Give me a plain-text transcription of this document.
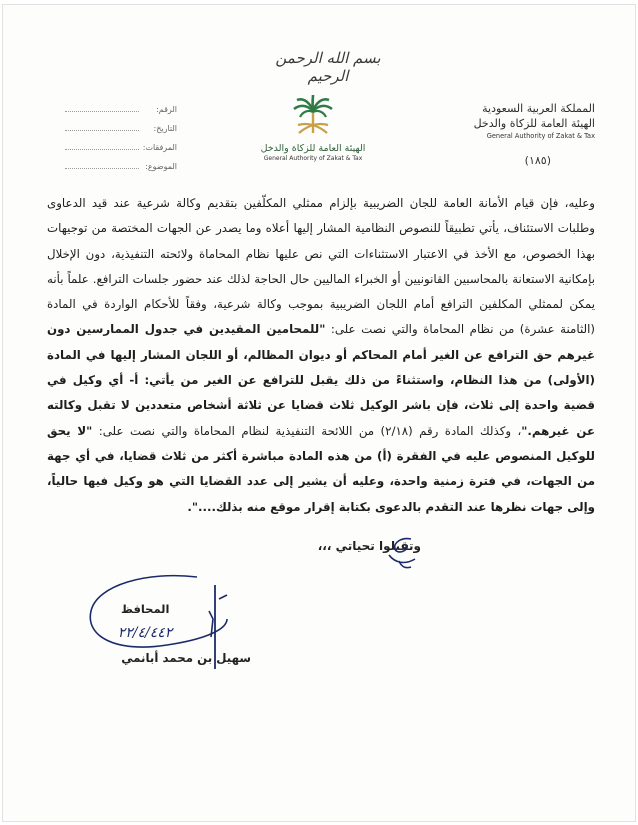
بسم الله الرحمن الرحيم
المملكة العربية السعودية
الهيئة العامة للزكاة والدخل
General Authority of Zakat & Tax
(١٨٥)
الهيئة العامة للزكاة والدخل
General Authority of Zakat & Tax
الرقم:
التاريخ:
المرفقات:
الموضوع:

وعليه، فإن قيام الأمانة العامة للجان الضريبية بإلزام ممثلي المكلّفين بتقديم وكالة شرعية عند قيد الدعاوى وطلبات الاستئناف، يأتي تطبيقاً للنصوص النظامية المشار إليها أعلاه وما يصدر عن الجهات المختصة من توجيهات بهذا الخصوص، مع الأخذ في الاعتبار الاستثناءات التي نص عليها نظام المحاماة ولائحته التنفيذية، دون الإخلال بإمكانية الاستعانة بالمحاسبين القانونيين أو الخبراء الماليين حال الحاجة لذلك عند حضور جلسات الترافع. علماً بأنه يمكن لممثلي المكلفين الترافع أمام اللجان الضريبية بموجب وكالة شرعية، وفقاً للأحكام الواردة في المادة (الثامنة عشرة) من نظام المحاماة والتي نصت على: "للمحامين المقيدين في جدول الممارسين دون غيرهم حق الترافع عن الغير أمام المحاكم أو ديوان المظالم، أو اللجان المشار إليها في المادة (الأولى) من هذا النظام، واستثناءً من ذلك يقبل للترافع عن الغير من يأتي: أ- أي وكيل في قضية واحدة إلى ثلاث، فإن باشر الوكيل ثلاث قضايا عن ثلاثة أشخاص متعددين لا تقبل وكالته عن غيرهم."، وكذلك المادة رقم (٢/١٨) من اللائحة التنفيذية لنظام المحاماة والتي نصت على: "لا يحق للوكيل المنصوص عليه في الفقرة (أ) من هذه المادة مباشرة أكثر من ثلاث قضايا، في أي جهة من الجهات، في فترة زمنية واحدة، وعليه أن يشير إلى عدد القضايا التي هو وكيل فيها حالياً، وإلى جهات نظرها عند التقدم بالدعوى بكتابة إقرار موقع منه بذلك....".

وتقبلوا تحياتي ،،،
المحافظ
٢٢/٤/٤٤٢
سهيل بن محمد أبانمي
